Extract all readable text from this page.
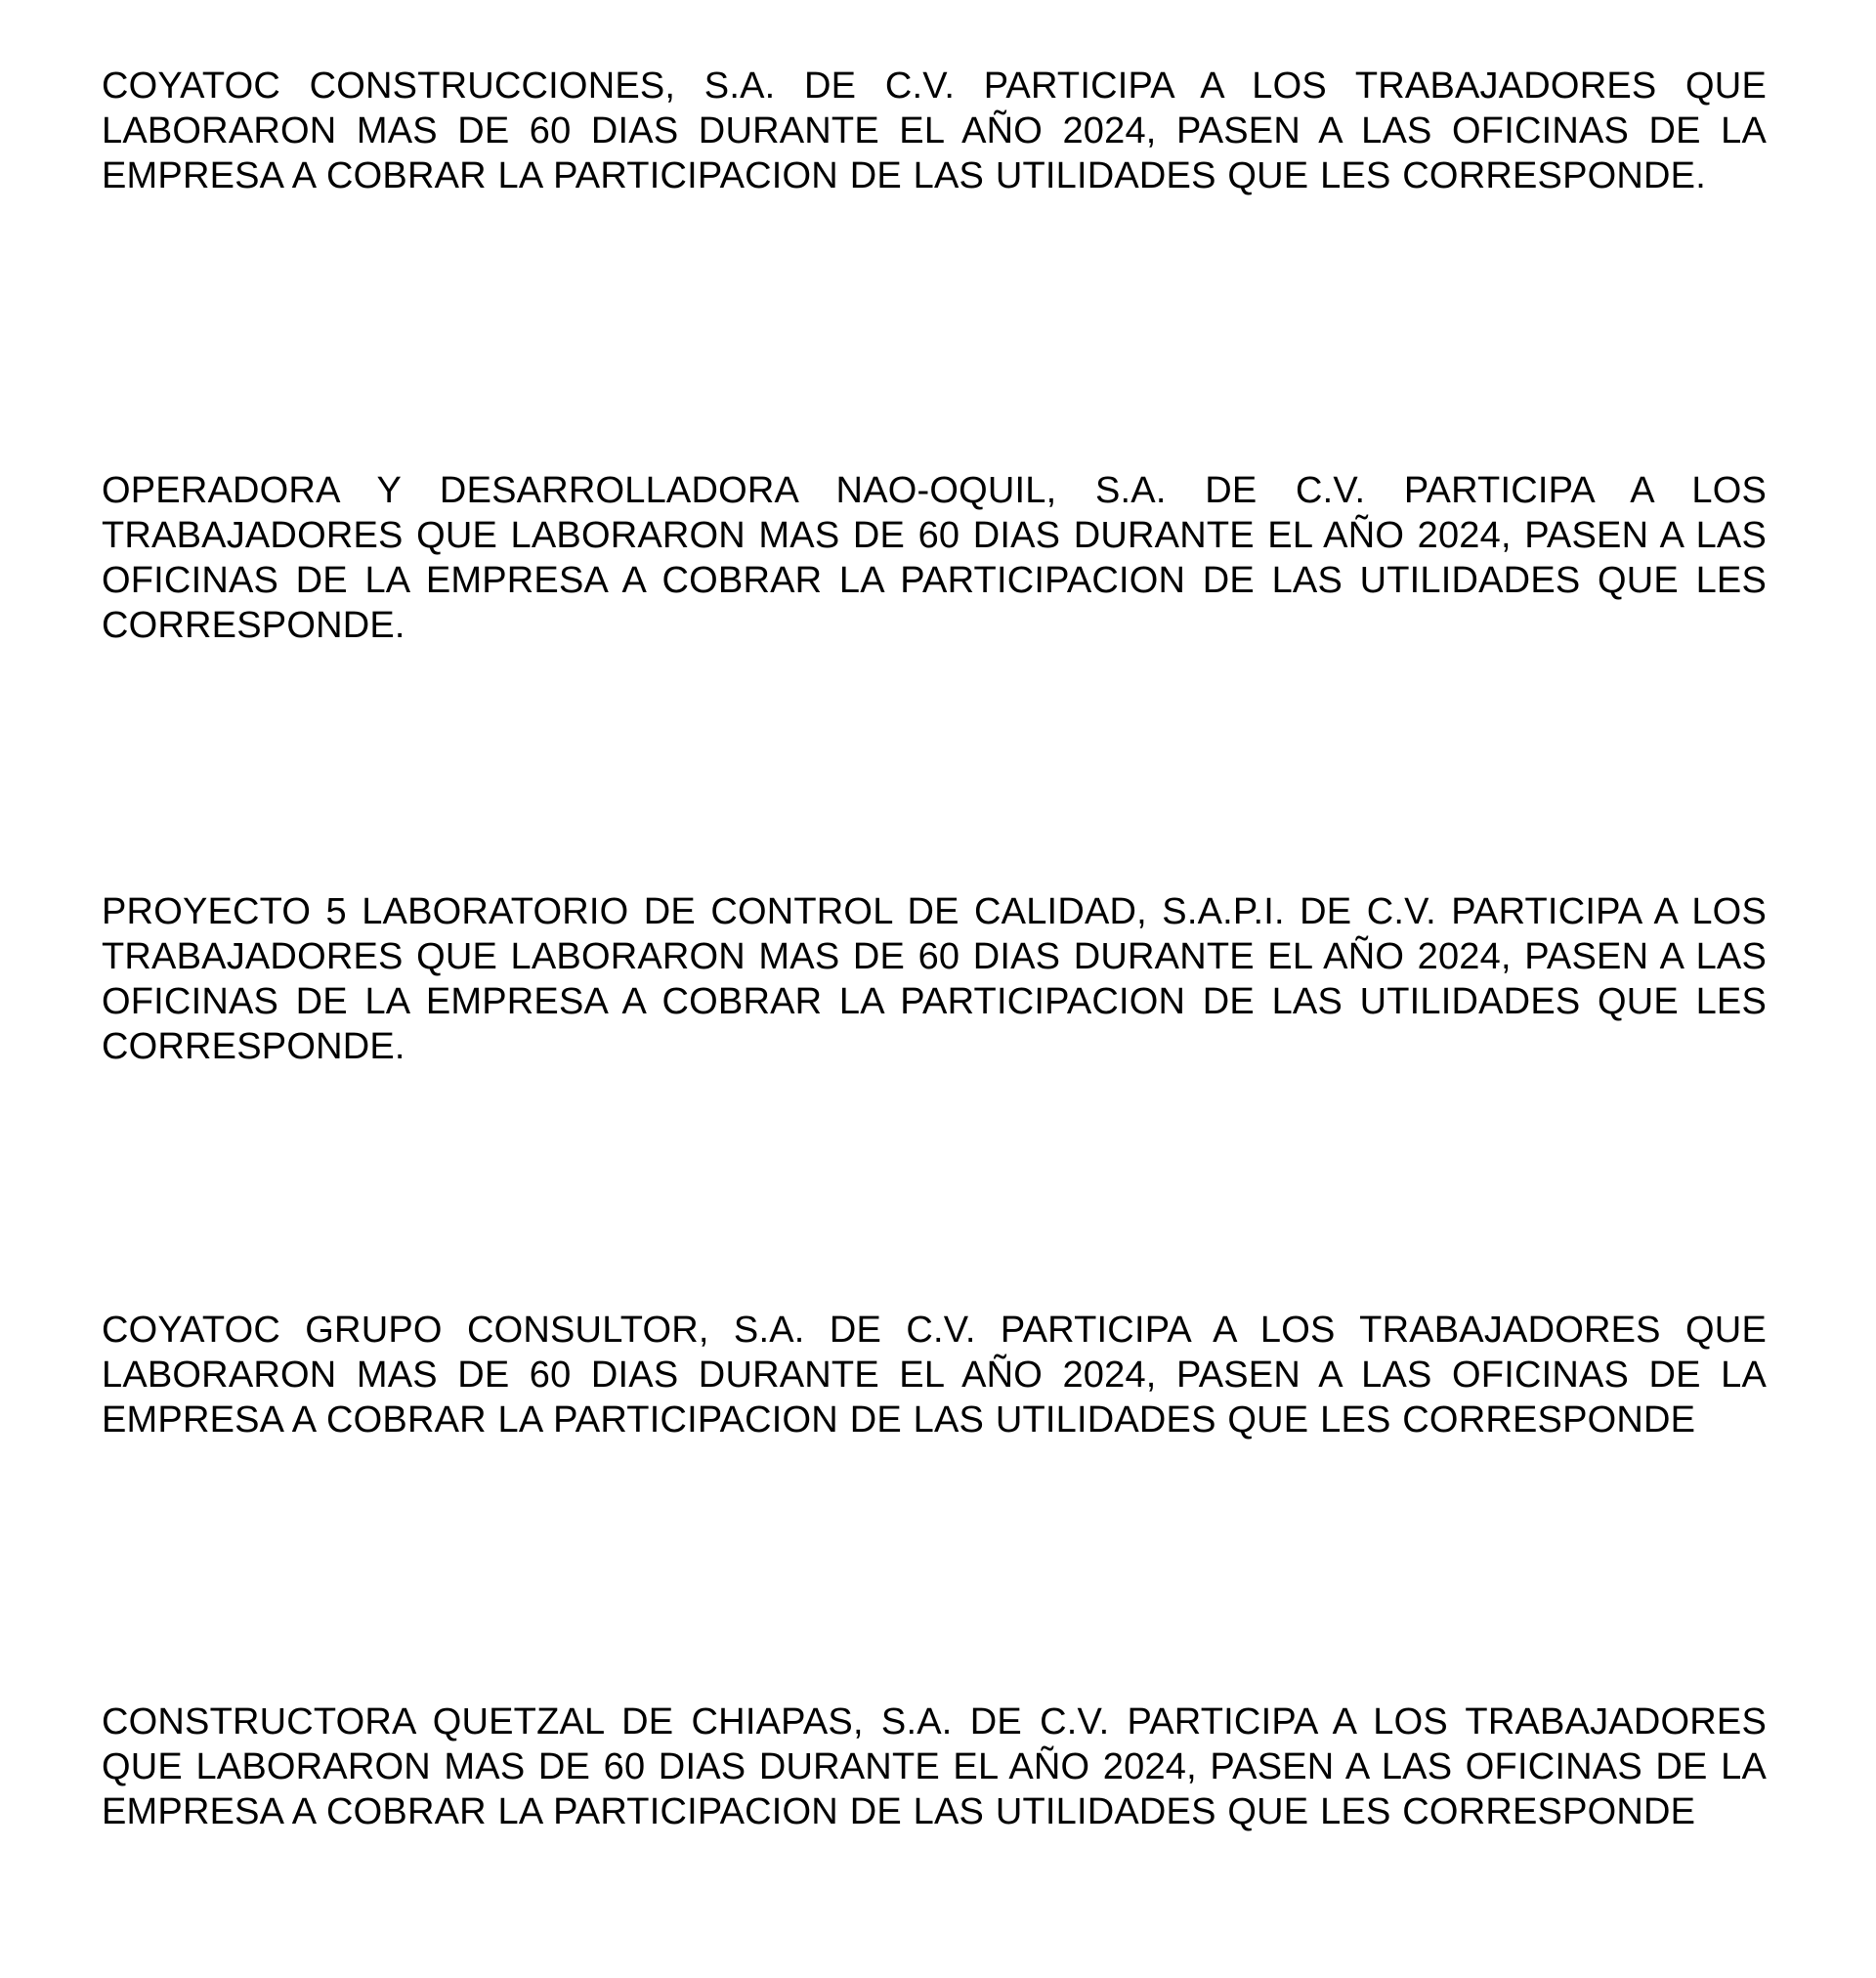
COYATOC CONSTRUCCIONES, S.A. DE C.V. PARTICIPA A LOS TRABAJADORES QUE LABORARON MAS DE 60 DIAS DURANTE EL AÑO 2024, PASEN A LAS OFICINAS DE LA EMPRESA A COBRAR LA PARTICIPACION DE LAS UTILIDADES QUE LES CORRESPONDE.

OPERADORA Y DESARROLLADORA NAO-OQUIL, S.A. DE C.V. PARTICIPA A LOS TRABAJADORES QUE LABORARON MAS DE 60 DIAS DURANTE EL AÑO 2024, PASEN A LAS OFICINAS DE LA EMPRESA A COBRAR LA PARTICIPACION DE LAS UTILIDADES QUE LES CORRESPONDE.

PROYECTO 5 LABORATORIO DE CONTROL DE CALIDAD, S.A.P.I. DE C.V. PARTICIPA A LOS TRABAJADORES QUE LABORARON MAS DE 60 DIAS DURANTE EL AÑO 2024, PASEN A LAS OFICINAS DE LA EMPRESA A COBRAR LA PARTICIPACION DE LAS UTILIDADES QUE LES CORRESPONDE.

COYATOC GRUPO CONSULTOR, S.A. DE C.V. PARTICIPA A LOS TRABAJADORES QUE LABORARON MAS DE 60 DIAS DURANTE EL AÑO 2024, PASEN A LAS OFICINAS DE LA EMPRESA A COBRAR LA PARTICIPACION DE LAS UTILIDADES QUE LES CORRESPONDE

CONSTRUCTORA QUETZAL DE CHIAPAS, S.A. DE C.V. PARTICIPA A LOS TRABAJADORES QUE LABORARON MAS DE 60 DIAS DURANTE EL AÑO 2024, PASEN A LAS OFICINAS DE LA EMPRESA A COBRAR LA PARTICIPACION DE LAS UTILIDADES QUE LES CORRESPONDE
